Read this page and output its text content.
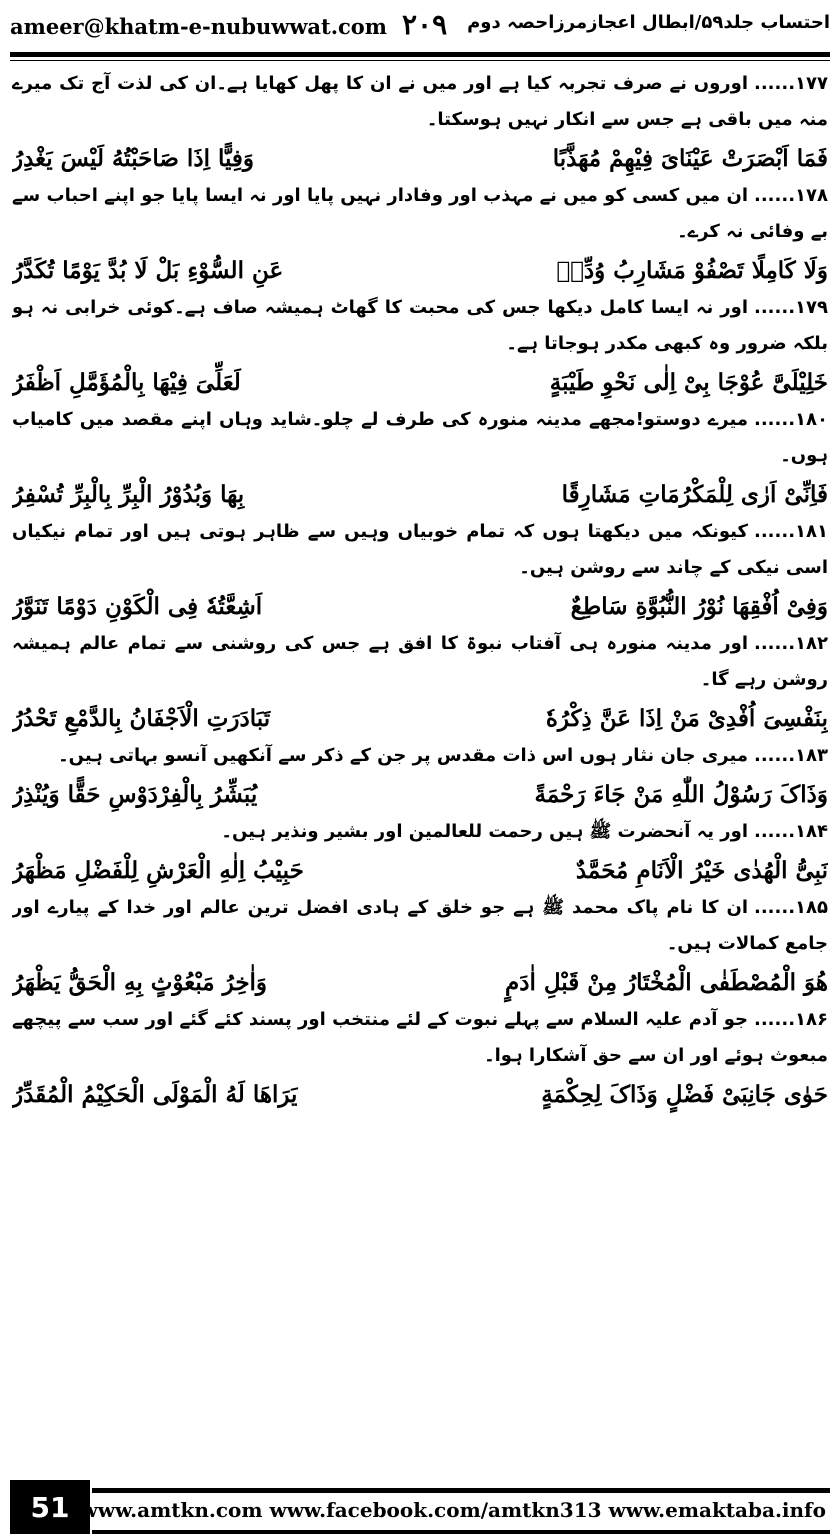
ameer@khatm-e-nubuwwat.com ۲۰۹ احتساب جلد۵۹/ابطال اعجازمرزاحصہ دوم
۱۷۷......اوروں نے صرف تجربہ کیا ہے اور میں نے ان کا پھل کھایا ہے۔ان کی لذت آج تک میرے منہ میں باقی ہے جس سے انکار نہیں ہوسکتا۔
فَمَا اَبْصَرَتْ عَیْنَایَ فِیْهِمْ مُهَذَّبًا
وَفِیًّا اِذَا صَاحَبْتُهُ لَیْسَ یَغْدِرُ
۱۷۸......ان میں کسی کو میں نے مہذب اور وفادار نہیں پایا اور نہ ایسا پایا جو اپنے احباب سے بے وفائی نہ کرے۔
وَلَا کَامِلًا تَصْفُوْ مَشَارِبُ وُدِّهٖ
عَنِ السُّوْءِ بَلْ لَا بُدَّ یَوْمًا تُکَدَّرُ
۱۷۹......اور نہ ایسا کامل دیکھا جس کی محبت کا گھاٹ ہمیشہ صاف ہے۔کوئی خرابی نہ ہو بلکہ ضرور وہ کبھی مکدر ہوجاتا ہے۔
خَلِیْلَیَّ عُوْجَا بِیْ اِلٰی نَحْوِ طَیْبَةٍ
لَعَلِّیَ فِیْهَا بِالْمُؤَمَّلِ اَظْفَرُ
۱۸۰......میرے دوستو!مجھے مدینہ منورہ کی طرف لے چلو۔شاید وہاں اپنے مقصد میں کامیاب ہوں۔
فَاِنِّیْ اَرٰی لِلْمَکْرُمَاتِ مَشَارِقًا
بِهَا وَبُدُوْرُ الْبِرِّ بِالْبِرِّ تُسْفِرُ
۱۸۱......کیونکہ میں دیکھتا ہوں کہ تمام خوبیاں وہیں سے ظاہر ہوتی ہیں اور تمام نیکیاں اسی نیکی کے چاند سے روشن ہیں۔
وَفِیْ اُفْقِهَا نُوْرُ النُّبُوَّةِ سَاطِعٌ
اَشِعَّتُهٗ فِی الْکَوْنِ دَوْمًا تَنَوَّرُ
۱۸۲......اور مدینہ منورہ ہی آفتاب نبوۃ کا افق ہے جس کی روشنی سے تمام عالم ہمیشہ روشن رہے گا۔
بِنَفْسِیَ اُفْدِیْ مَنْ اِذَا عَنَّ ذِکْرُهٗ
تَبَادَرَتِ الْاَجْفَانُ بِالدَّمْعِ تَحْدُرُ
۱۸۳......میری جان نثار ہوں اس ذات مقدس پر جن کے ذکر سے آنکھیں آنسو بہاتی ہیں۔
وَذَاکَ رَسُوْلُ اللّٰهِ مَنْ جَاءَ رَحْمَةً
یُبَشِّرُ بِالْفِرْدَوْسِ حَقًّا وَیُنْذِرُ
۱۸۴......اور یہ آنحضرت ﷺ ہیں رحمت للعالمین اور بشیر ونذیر ہیں۔
نَبِیُّ الْهُدٰی خَیْرُ الْاَنَامِ مُحَمَّدٌ
حَبِیْبُ اِلٰهِ الْعَرْشِ لِلْفَضْلِ مَظْهَرُ
۱۸۵......ان کا نام پاک محمد ﷺ ہے جو خلق کے ہادی افضل ترین عالم اور خدا کے پیارے اور جامع کمالات ہیں۔
هُوَ الْمُصْطَفٰی الْمُخْتَارُ مِنْ قَبْلِ اٰدَمٍ
وَاٰخِرُ مَبْعُوْثٍ بِهِ الْحَقُّ یَظْهَرُ
۱۸۶......جو آدم علیہ السلام سے پہلے نبوت کے لئے منتخب اور پسند کئے گئے اور سب سے پیچھے مبعوث ہوئے اور ان سے حق آشکارا ہوا۔
حَوٰی جَانِبَیْ فَضْلٍ وَذَاکَ لِحِکْمَةٍ
یَرَاهَا لَهُ الْمَوْلَی الْحَکِیْمُ الْمُقَدِّرُ
51 www.amtkn.com www.facebook.com/amtkn313 www.emaktaba.info
